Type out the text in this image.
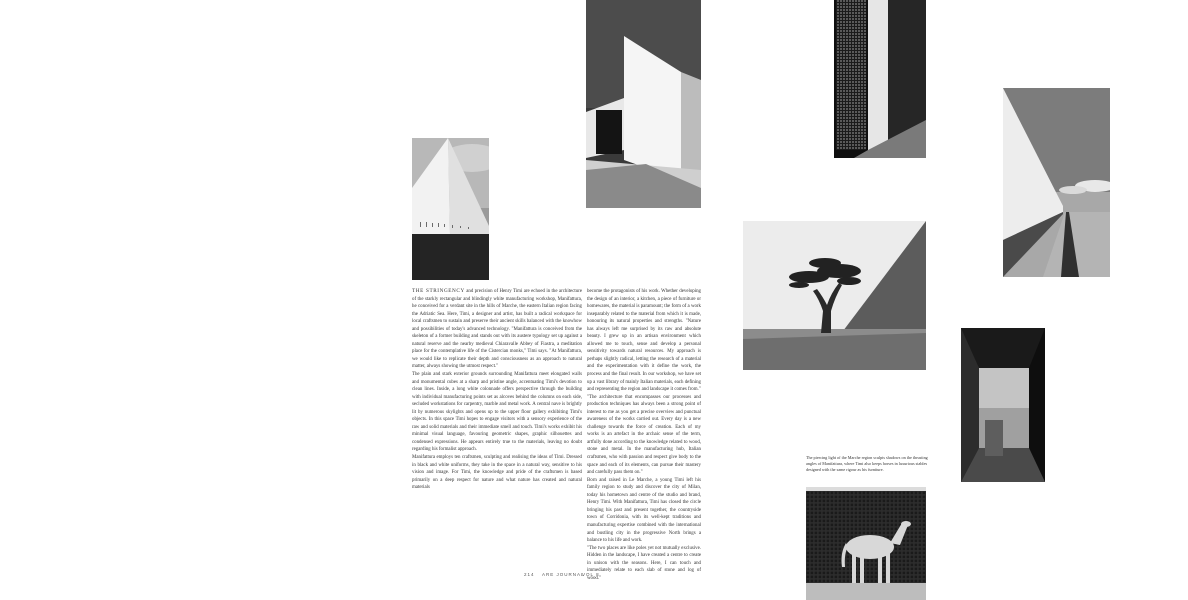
THE STRINGENCY and precision of Henry Timi are echoed in the architecture of the starkly rectangular and blindingly white manufacturing workshop, Manifattura, he conceived for a verdant site in the hills of Marche, the eastern Italian region facing the Adriatic Sea. Here, Timi, a designer and artist, has built a radical workspace for local craftsmen to sustain and preserve their ancient skills balanced with the knowhow and possibilities of today's advanced technology. "Manifattura is conceived from the skeleton of a former building and stands out with its austere typology set up against a natural reserve and the nearby medieval Chiaravalle Abbey of Fiastra, a meditation place for the contemplative life of the Cistercian monks," Timi says. "At Manifattura, we would like to replicate their depth and consciousness as an approach to natural matter, always showing the utmost respect."

The plain and stark exterior grounds surrounding Manifattura meet elongated walls and monumental cubes at a sharp and pristine angle, accentuating Timi's devotion to clean lines. Inside, a long white colonnade offers perspective through the building with individual manufacturing points set as alcoves behind the columns on each side, secluded workstations for carpentry, marble and metal work. A central nave is brightly lit by numerous skylights and opens up to the upper floor gallery exhibiting Timi's objects. In this space Timi hopes to engage visitors with a sensory experience of the raw and solid materials and their immediate smell and touch. Timi's works exhibit his minimal visual language, favouring geometric shapes, graphic silhouettes and condensed expressions. He appears entirely true to the materials, leaving no doubt regarding his formalist approach.

Manifattura employs ten craftsmen, sculpting and realising the ideas of Timi. Dressed in black and white uniforms, they take in the space in a natural way, sensitive to his vision and image. For Timi, the knowledge and pride of the craftsmen is based primarily on a deep respect for nature and what nature has created and natural materials

become the protagonists of his work. Whether developing the design of an interior, a kitchen, a piece of furniture or homewares, the material is paramount; the form of a work inseparably related to the material from which it is made, honouring its natural properties and strengths. "Nature has always left me surprised by its raw and absolute beauty. I grew up in an artisan environment which allowed me to touch, sense and develop a personal sensitivity towards natural resources. My approach is perhaps slightly radical, letting the research of a material and the experimentation with it define the work, the process and the final result. In our workshop, we have set up a vast library of mainly Italian materials, each defining and representing the region and landscape it comes from."

"The architecture that encompasses our processes and production techniques has always been a strong point of interest to me as you get a precise overview and punctual awareness of the works carried out. Every day is a new challenge towards the force of creation. Each of my works is an artefact in the archaic sense of the term, artfully done according to the knowledge related to wood, stone and metal. In the manufacturing hub, Italian craftsmen, who with passion and respect give body to the space and each of its elements, can pursue their mastery and carefully pass them on."

Born and raised in Le Marche, a young Timi left his family region to study and discover the city of Milan, today his hometown and centre of the studio and brand, Henry Timi. With Manifattura, Timi has closed the circle bringing his past and present together, the countryside town of Corridonia, with its well-kept traditions and manufacturing expertise combined with the international and bustling city in the progressive North brings a balance to his life and work.

"The two places are like poles yet not mutually exclusive. Hidden in the landscape, I have created a centre to create in unison with the seasons. Here, I can touch and immediately relate to each slab of stone and log of wood."

The piercing light of the Marche region sculpts shadows on the thrusting angles of Manifattura, where Timi also keeps horses in luxurious stables designed with the same rigour as his furniture.
214 ARE JOURNAL
VOL 8
